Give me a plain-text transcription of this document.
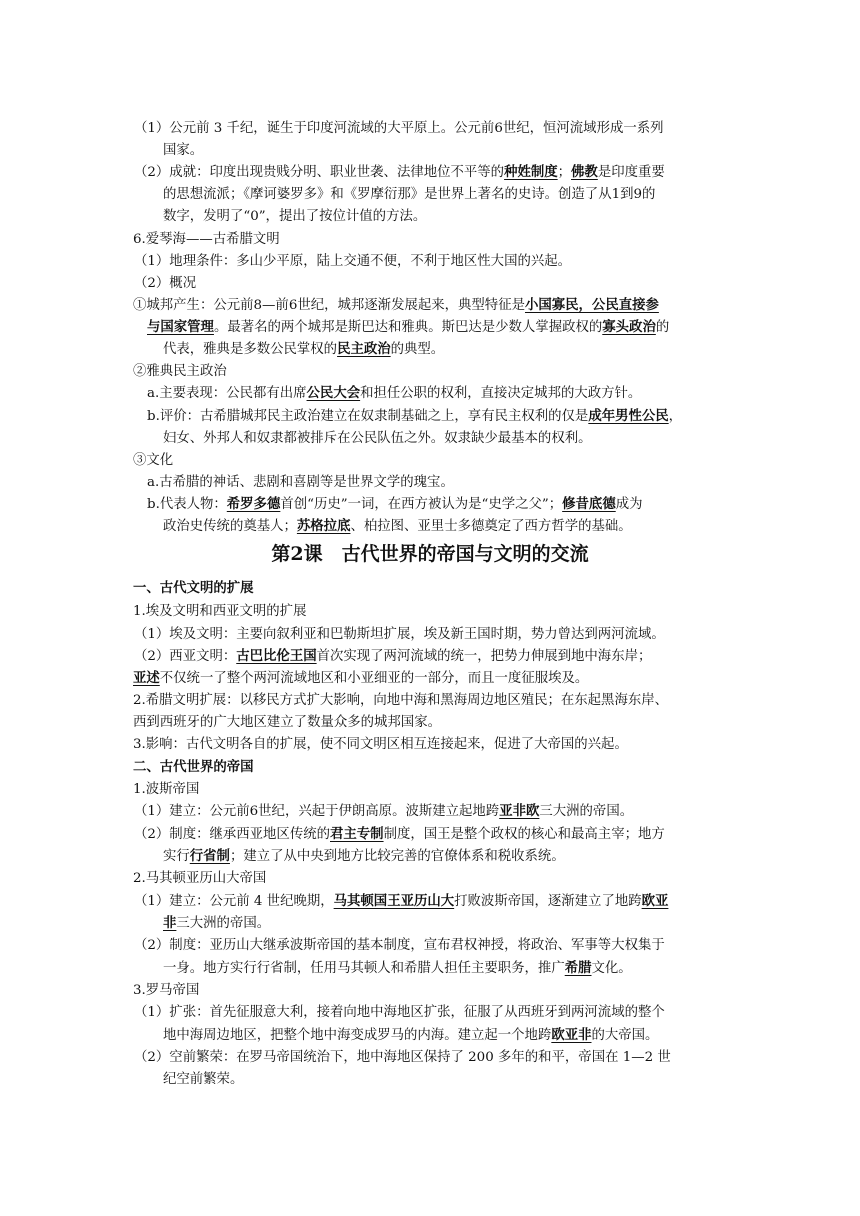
（1）公元前 3 千纪，诞生于印度河流域的大平原上。公元前6世纪，恒河流域形成一系列
国家。
（2）成就：印度出现贵贱分明、职业世袭、法律地位不平等的种姓制度；佛教是印度重要
的思想流派；《摩诃婆罗多》和《罗摩衍那》是世界上著名的史诗。创造了从1到9的
数字，发明了“0”，提出了按位计值的方法。
6.爱琴海——古希腊文明
（1）地理条件：多山少平原，陆上交通不便，不利于地区性大国的兴起。
（2）概况
①城邦产生：公元前8—前6世纪，城邦逐渐发展起来，典型特征是小国寡民，公民直接参
与国家管理。最著名的两个城邦是斯巴达和雅典。斯巴达是少数人掌握政权的寡头政治的
代表，雅典是多数公民掌权的民主政治的典型。
②雅典民主政治
a.主要表现：公民都有出席公民大会和担任公职的权利，直接决定城邦的大政方针。
b.评价：古希腊城邦民主政治建立在奴隶制基础之上，享有民主权利的仅是成年男性公民，
妇女、外邦人和奴隶都被排斥在公民队伍之外。奴隶缺少最基本的权利。
③文化
a.古希腊的神话、悲剧和喜剧等是世界文学的瑰宝。
b.代表人物：希罗多德首创“历史”一词，在西方被认为是“史学之父”；修昔底德成为
政治史传统的奠基人；苏格拉底、柏拉图、亚里士多德奠定了西方哲学的基础。
第2课　古代世界的帝国与文明的交流
一、古代文明的扩展
1.埃及文明和西亚文明的扩展
（1）埃及文明：主要向叙利亚和巴勒斯坦扩展，埃及新王国时期，势力曾达到两河流域。
（2）西亚文明：古巴比伦王国首次实现了两河流域的统一，把势力伸展到地中海东岸；
亚述不仅统一了整个两河流域地区和小亚细亚的一部分，而且一度征服埃及。
2.希腊文明扩展：以移民方式扩大影响，向地中海和黑海周边地区殖民；在东起黑海东岸、
西到西班牙的广大地区建立了数量众多的城邦国家。
3.影响：古代文明各自的扩展，使不同文明区相互连接起来，促进了大帝国的兴起。
二、古代世界的帝国
1.波斯帝国
（1）建立：公元前6世纪，兴起于伊朗高原。波斯建立起地跨亚非欧三大洲的帝国。
（2）制度：继承西亚地区传统的君主专制制度，国王是整个政权的核心和最高主宰；地方
实行行省制；建立了从中央到地方比较完善的官僚体系和税收系统。
2.马其顿亚历山大帝国
（1）建立：公元前 4 世纪晚期，马其顿国王亚历山大打败波斯帝国，逐渐建立了地跨欧亚
非三大洲的帝国。
（2）制度：亚历山大继承波斯帝国的基本制度，宣布君权神授，将政治、军事等大权集于
一身。地方实行行省制，任用马其顿人和希腊人担任主要职务，推广希腊文化。
3.罗马帝国
（1）扩张：首先征服意大利，接着向地中海地区扩张，征服了从西班牙到两河流域的整个
地中海周边地区，把整个地中海变成罗马的内海。建立起一个地跨欧亚非的大帝国。
（2）空前繁荣：在罗马帝国统治下，地中海地区保持了 200 多年的和平，帝国在 1—2 世
纪空前繁荣。
